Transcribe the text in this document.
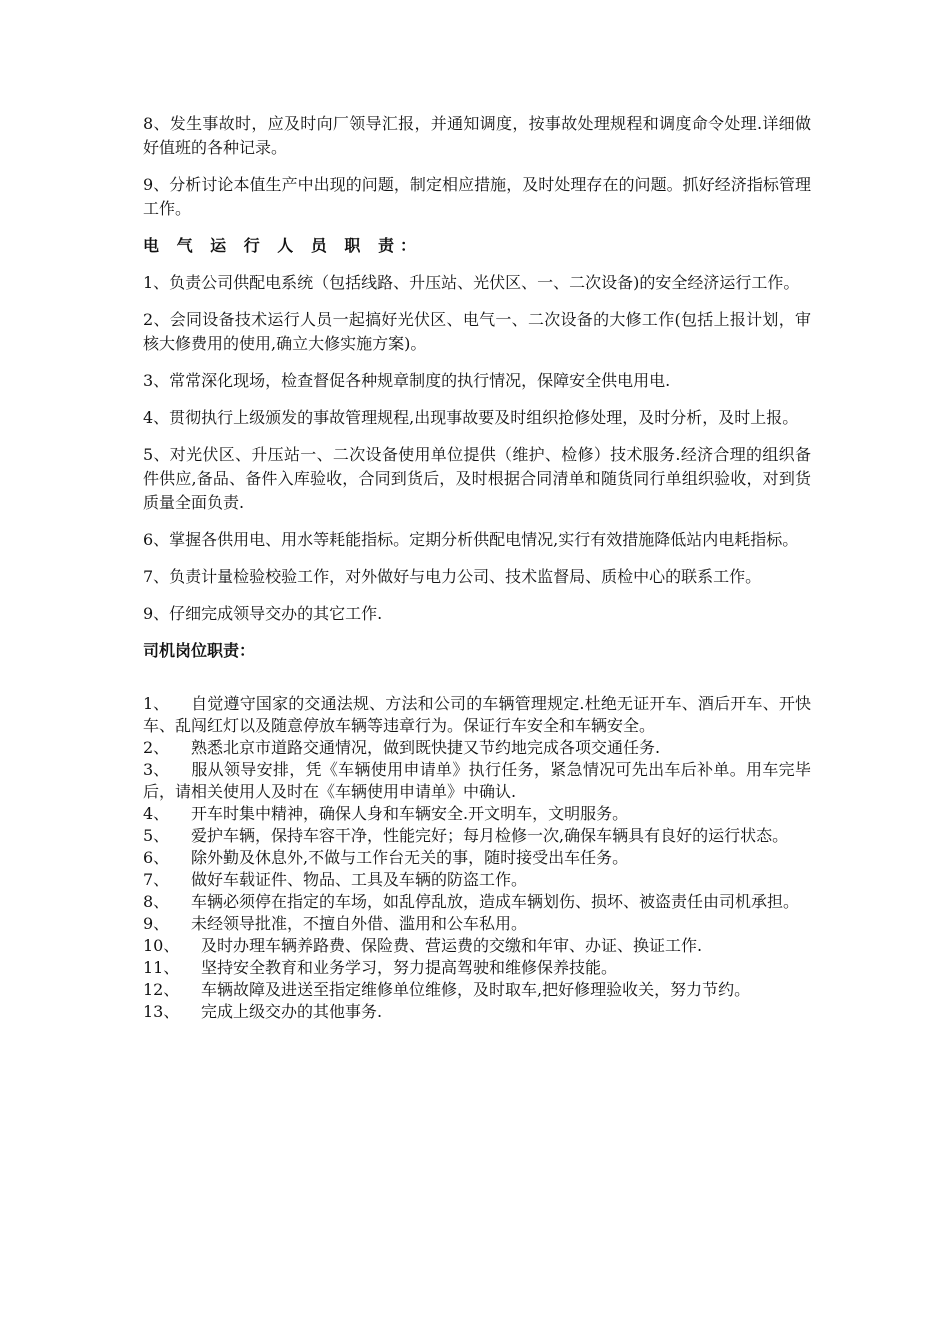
8、发生事故时，应及时向厂领导汇报，并通知调度，按事故处理规程和调度命令处理.详细做好值班的各种记录。

9、分析讨论本值生产中出现的问题，制定相应措施，及时处理存在的问题。抓好经济指标管理工作。

电 气 运 行 人 员 职 责：

1、负责公司供配电系统（包括线路、升压站、光伏区、一、二次设备)的安全经济运行工作。

2、会同设备技术运行人员一起搞好光伏区、电气一、二次设备的大修工作(包括上报计划，审核大修费用的使用,确立大修实施方案)。

3、常常深化现场，检查督促各种规章制度的执行情况，保障安全供电用电.

4、贯彻执行上级颁发的事故管理规程,出现事故要及时组织抢修处理，及时分析，及时上报。

5、对光伏区、升压站一、二次设备使用单位提供（维护、检修）技术服务.经济合理的组织备件供应,备品、备件入库验收，合同到货后，及时根据合同清单和随货同行单组织验收，对到货质量全面负责.

6、掌握各供用电、用水等耗能指标。定期分析供配电情况,实行有效措施降低站内电耗指标。

7、负责计量检验校验工作，对外做好与电力公司、技术监督局、质检中心的联系工作。

9、仔细完成领导交办的其它工作.

司机岗位职责：

1、 自觉遵守国家的交通法规、方法和公司的车辆管理规定.杜绝无证开车、酒后开车、开快车、乱闯红灯以及随意停放车辆等违章行为。保证行车安全和车辆安全。

2、 熟悉北京市道路交通情况，做到既快捷又节约地完成各项交通任务.

3、 服从领导安排，凭《车辆使用申请单》执行任务，紧急情况可先出车后补单。用车完毕后，请相关使用人及时在《车辆使用申请单》中确认.

4、 开车时集中精神，确保人身和车辆安全.开文明车，文明服务。

5、 爱护车辆，保持车容干净，性能完好；每月检修一次,确保车辆具有良好的运行状态。

6、 除外勤及休息外,不做与工作台无关的事，随时接受出车任务。

7、 做好车载证件、物品、工具及车辆的防盗工作。

8、 车辆必须停在指定的车场，如乱停乱放，造成车辆划伤、损坏、被盗责任由司机承担。

9、 未经领导批准，不擅自外借、滥用和公车私用。

10、 及时办理车辆养路费、保险费、营运费的交缴和年审、办证、换证工作.

11、 坚持安全教育和业务学习，努力提高驾驶和维修保养技能。

12、 车辆故障及进送至指定维修单位维修，及时取车,把好修理验收关，努力节约。

13、 完成上级交办的其他事务.
